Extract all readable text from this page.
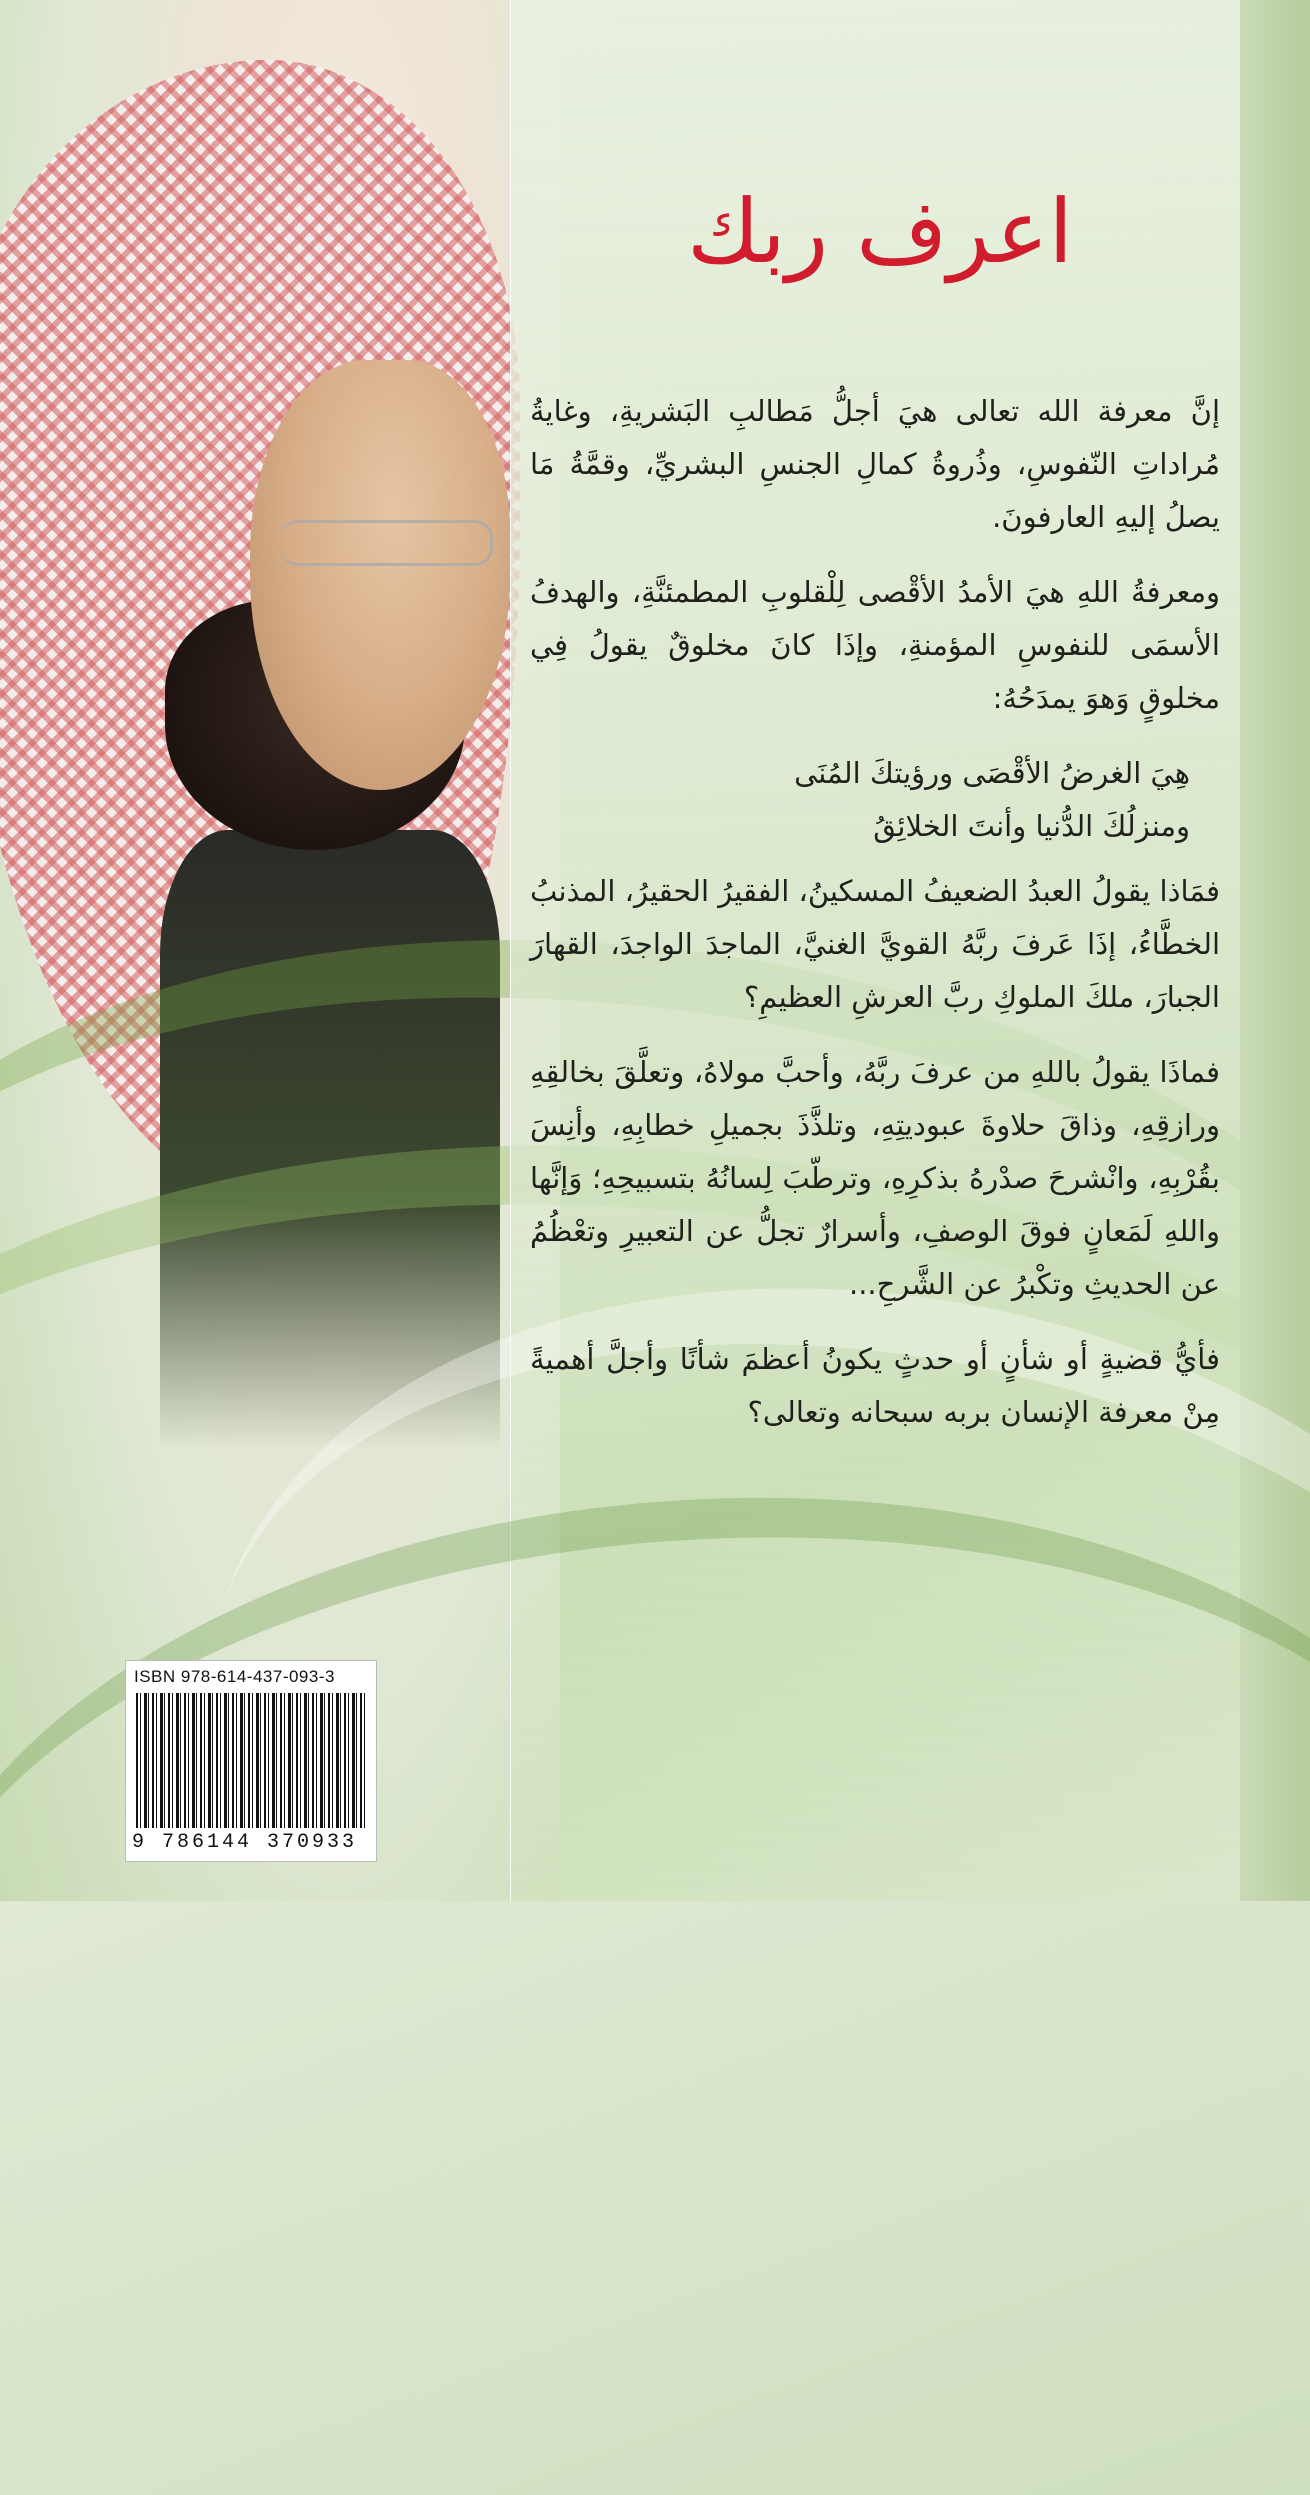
اعرف ربك

إنَّ معرفة الله تعالى هيَ أجلُّ مَطالبِ البَشريةِ، وغايةُ مُراداتِ النّفوسِ، وذُروةُ كمالِ الجنسِ البشريِّ، وقمَّةُ مَا يصلُ إليهِ العارفونَ.

ومعرفةُ اللهِ هيَ الأمدُ الأقْصى لِلْقلوبِ المطمئنَّةِ، والهدفُ الأسمَى للنفوسِ المؤمنةِ، وإذَا كانَ مخلوقٌ يقولُ فِي مخلوقٍ وَهوَ يمدَحُهُ:

هِيَ الغرضُ الأقْصَى ورؤيتكَ المُنَى
ومنزلُكَ الدُّنيا وأنتَ الخلائِقُ

فمَاذا يقولُ العبدُ الضعيفُ المسكينُ، الفقيرُ الحقيرُ، المذنبُ الخطَّاءُ، إذَا عَرفَ ربَّهُ القويَّ الغنيَّ، الماجدَ الواجدَ، القهارَ الجبارَ، ملكَ الملوكِ ربَّ العرشِ العظيمِ؟

فماذَا يقولُ باللهِ من عرفَ ربَّهُ، وأحبَّ مولاهُ، وتعلَّقَ بخالقِهِ ورازقِهِ، وذاقَ حلاوةَ عبوديتِهِ، وتلذَّذَ بجميلِ خطابِهِ، وأنِسَ بقُرْبِهِ، وانْشرحَ صدْرهُ بذكرِهِ، وترطّبَ لِسانُهُ بتسبيحِهِ؛ وَإنَّها واللهِ لَمَعانٍ فوقَ الوصفِ، وأسرارٌ تجلُّ عن التعبيرِ وتعْظُمُ عن الحديثِ وتكْبرُ عن الشَّرحِ...

فأيُّ قضيةٍ أو شأنٍ أو حدثٍ يكونُ أعظمَ شأنًا وأجلَّ أهميةً مِنْ معرفة الإنسان بربه سبحانه وتعالى؟

ISBN 978-614-437-093-3
9 786144 370933
